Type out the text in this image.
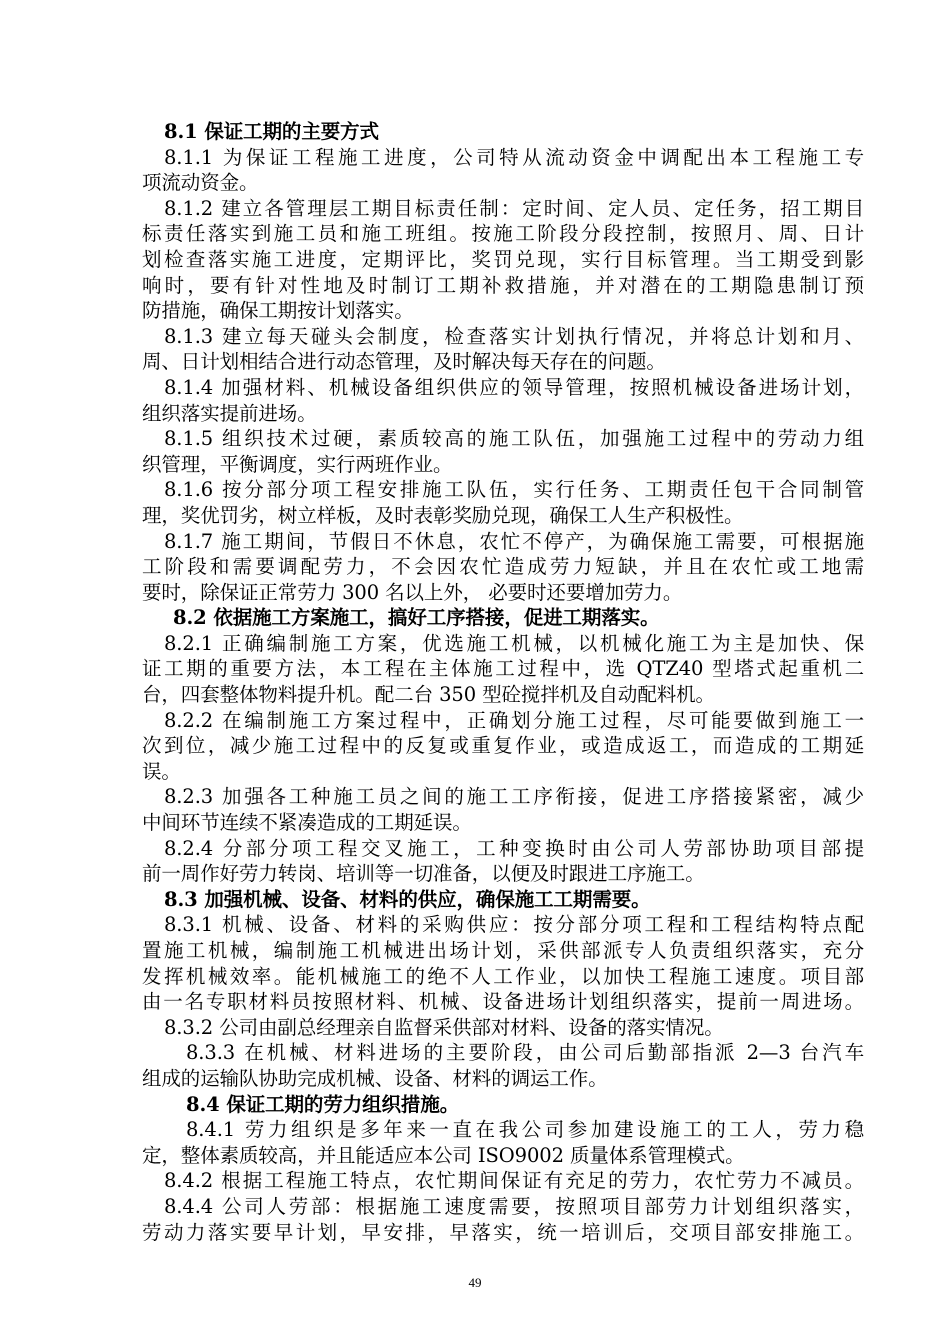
8.1 保证工期的主要方式
8.1.1 为保证工程施工进度，公司特从流动资金中调配出本工程施工专
项流动资金。
8.1.2 建立各管理层工期目标责任制：定时间、定人员、定任务，招工期目
标责任落实到施工员和施工班组。按施工阶段分段控制，按照月、周、日计
划检查落实施工进度，定期评比，奖罚兑现，实行目标管理。当工期受到影
响时，要有针对性地及时制订工期补救措施，并对潜在的工期隐患制订预
防措施，确保工期按计划落实。
8.1.3 建立每天碰头会制度，检查落实计划执行情况，并将总计划和月、
周、日计划相结合进行动态管理，及时解决每天存在的问题。
8.1.4 加强材料、机械设备组织供应的领导管理，按照机械设备进场计划，
组织落实提前进场。
8.1.5 组织技术过硬，素质较高的施工队伍，加强施工过程中的劳动力组
织管理，平衡调度，实行两班作业。
8.1.6 按分部分项工程安排施工队伍，实行任务、工期责任包干合同制管
理，奖优罚劣，树立样板，及时表彰奖励兑现，确保工人生产积极性。
8.1.7 施工期间，节假日不休息，农忙不停产，为确保施工需要，可根据施
工阶段和需要调配劳力，不会因农忙造成劳力短缺，并且在农忙或工地需
要时，除保证正常劳力 300 名以上外， 必要时还要增加劳力。
8.2 依据施工方案施工，搞好工序搭接，促进工期落实。
8.2.1 正确编制施工方案，优选施工机械，以机械化施工为主是加快、保
证工期的重要方法，本工程在主体施工过程中，选 QTZ40 型塔式起重机二
台，四套整体物料提升机。配二台 350 型砼搅拌机及自动配料机。
8.2.2 在编制施工方案过程中，正确划分施工过程，尽可能要做到施工一
次到位，减少施工过程中的反复或重复作业，或造成返工，而造成的工期延
误。
8.2.3 加强各工种施工员之间的施工工序衔接，促进工序搭接紧密，减少
中间环节连续不紧凑造成的工期延误。
8.2.4 分部分项工程交叉施工，工种变换时由公司人劳部协助项目部提
前一周作好劳力转岗、培训等一切准备，以便及时跟进工序施工。
8.3 加强机械、设备、材料的供应，确保施工工期需要。
8.3.1 机械、设备、材料的采购供应：按分部分项工程和工程结构特点配
置施工机械，编制施工机械进出场计划，采供部派专人负责组织落实，充分
发挥机械效率。能机械施工的绝不人工作业，以加快工程施工速度。项目部
由一名专职材料员按照材料、机械、设备进场计划组织落实，提前一周进场。
8.3.2 公司由副总经理亲自监督采供部对材料、设备的落实情况。
8.3.3 在机械、材料进场的主要阶段，由公司后勤部指派 2—3 台汽车
组成的运输队协助完成机械、设备、材料的调运工作。
8.4 保证工期的劳力组织措施。
8.4.1 劳力组织是多年来一直在我公司参加建设施工的工人，劳力稳
定，整体素质较高，并且能适应本公司 ISO9002 质量体系管理模式。
8.4.2 根据工程施工特点，农忙期间保证有充足的劳力，农忙劳力不减员。
8.4.4 公司人劳部：根据施工速度需要，按照项目部劳力计划组织落实，
劳动力落实要早计划，早安排，早落实，统一培训后，交项目部安排施工。
49
